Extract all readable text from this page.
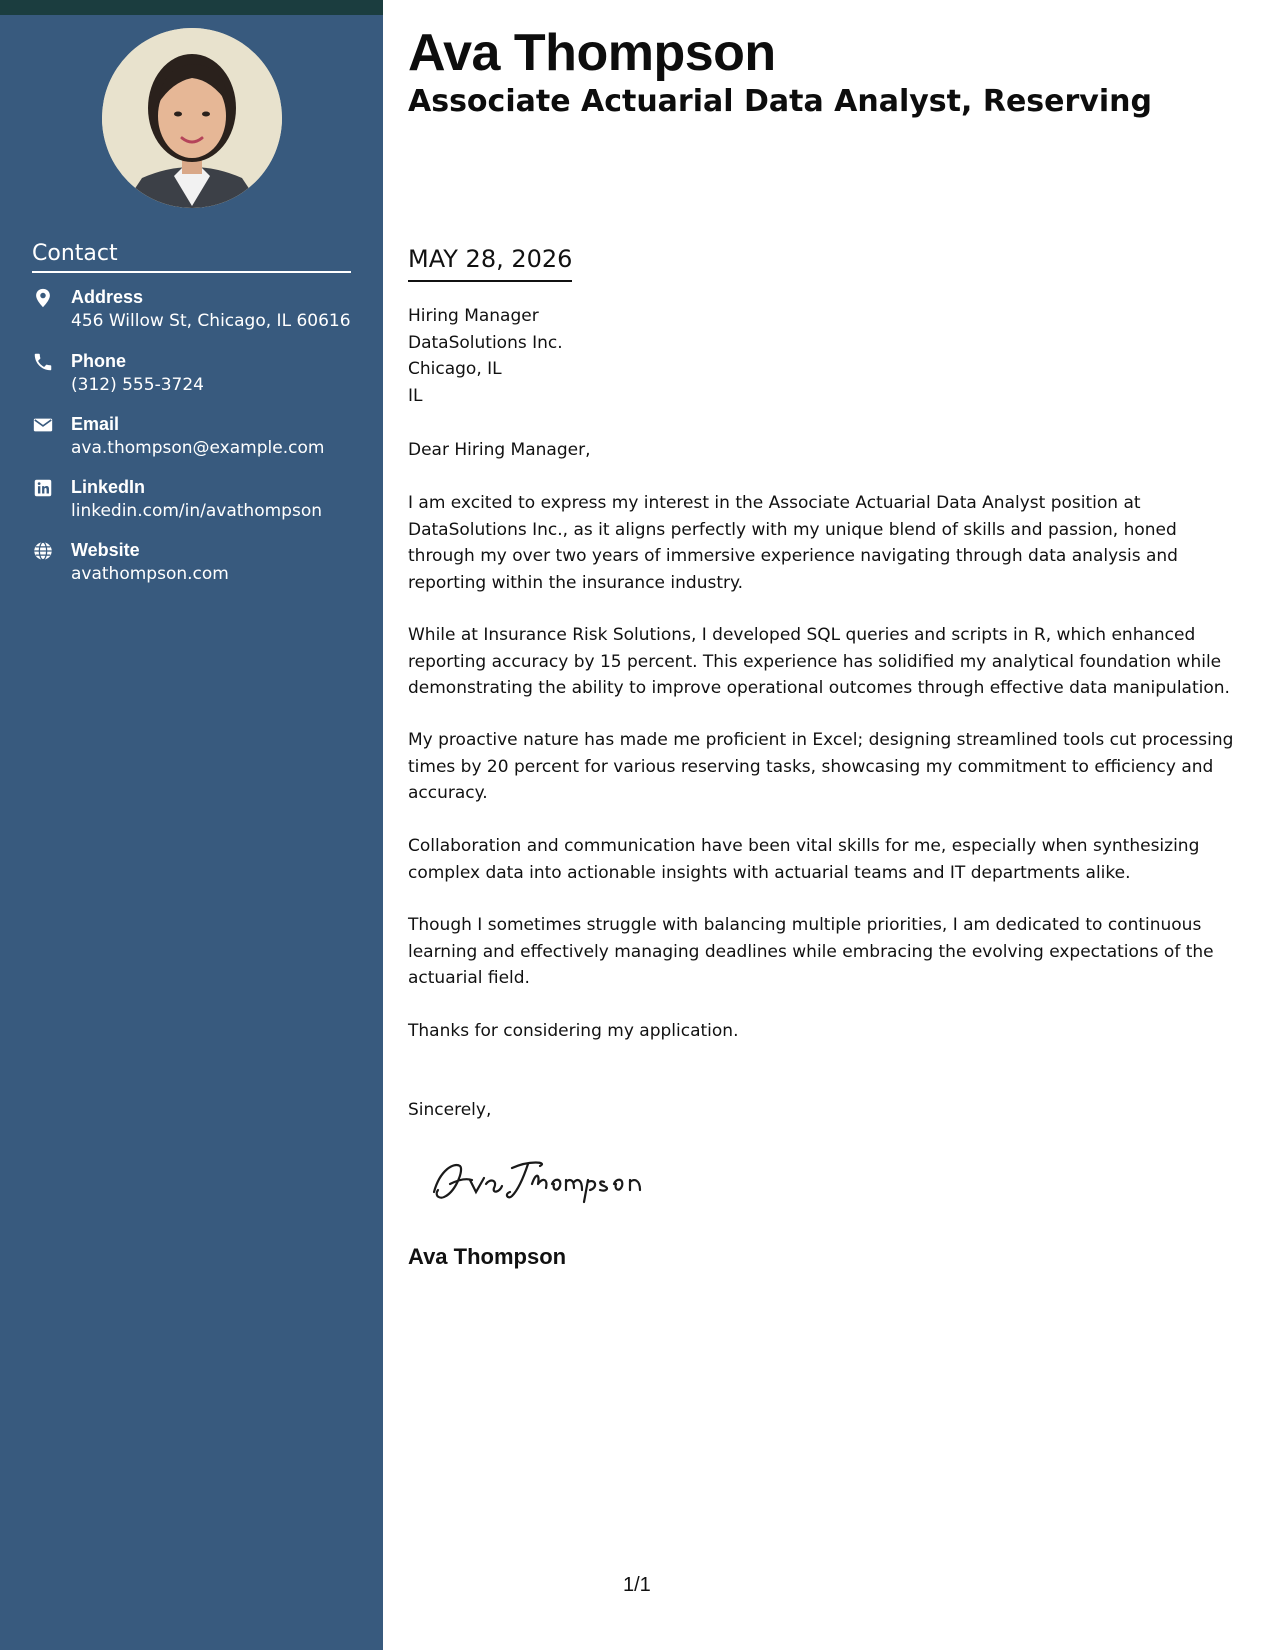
Contact
Address
456 Willow St, Chicago, IL 60616
Phone
(312) 555-3724
Email
ava.thompson@example.com
LinkedIn
linkedin.com/in/avathompson
Website
avathompson.com
Ava Thompson
Associate Actuarial Data Analyst, Reserving
MAY 28, 2026
Hiring Manager
DataSolutions Inc.
Chicago, IL
IL

Dear Hiring Manager,

I am excited to express my interest in the Associate Actuarial Data Analyst position at DataSolutions Inc., as it aligns perfectly with my unique blend of skills and passion, honed through my over two years of immersive experience navigating through data analysis and reporting within the insurance industry.

While at Insurance Risk Solutions, I developed SQL queries and scripts in R, which enhanced reporting accuracy by 15 percent. This experience has solidified my analytical foundation while demonstrating the ability to improve operational outcomes through effective data manipulation.

My proactive nature has made me proficient in Excel; designing streamlined tools cut processing times by 20 percent for various reserving tasks, showcasing my commitment to efficiency and accuracy.

Collaboration and communication have been vital skills for me, especially when synthesizing complex data into actionable insights with actuarial teams and IT departments alike.

Though I sometimes struggle with balancing multiple priorities, I am dedicated to continuous learning and effectively managing deadlines while embracing the evolving expectations of the actuarial field.

Thanks for considering my application.

Sincerely,

Ava Thompson
Ava Thompson
1/1
